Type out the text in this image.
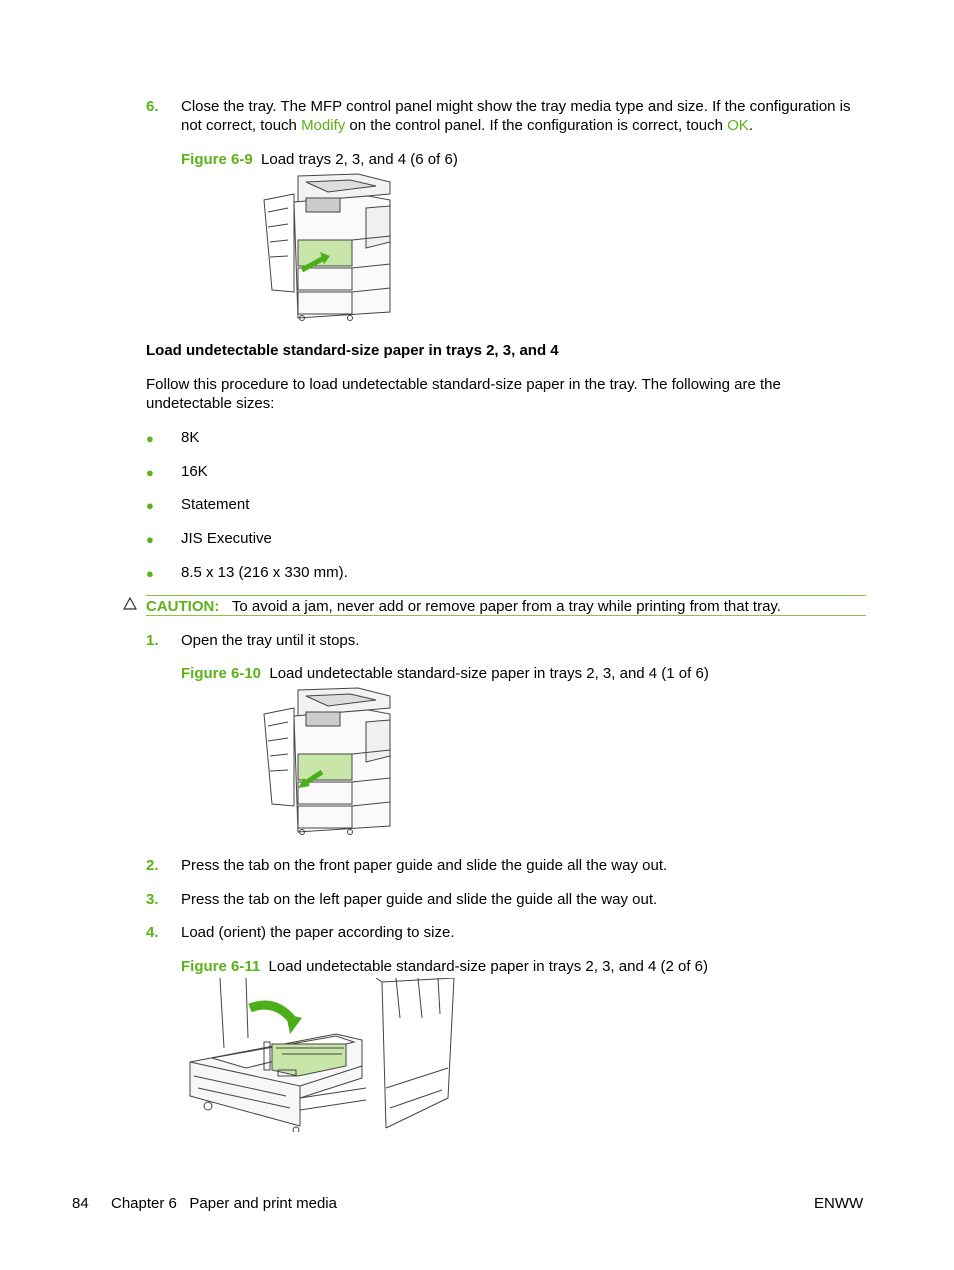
6. Close the tray. The MFP control panel might show the tray media type and size. If the configuration is not correct, touch Modify on the control panel. If the configuration is correct, touch OK.
Figure 6-9 Load trays 2, 3, and 4 (6 of 6)
Load undetectable standard-size paper in trays 2, 3, and 4
Follow this procedure to load undetectable standard-size paper in the tray. The following are the undetectable sizes:
● 8K
● 16K
● Statement
● JIS Executive
● 8.5 x 13 (216 x 330 mm).
CAUTION: To avoid a jam, never add or remove paper from a tray while printing from that tray.
1. Open the tray until it stops.
Figure 6-10 Load undetectable standard-size paper in trays 2, 3, and 4 (1 of 6)
2. Press the tab on the front paper guide and slide the guide all the way out.
3. Press the tab on the left paper guide and slide the guide all the way out.
4. Load (orient) the paper according to size.
Figure 6-11 Load undetectable standard-size paper in trays 2, 3, and 4 (2 of 6)
84 Chapter 6   Paper and print media	ENWW
